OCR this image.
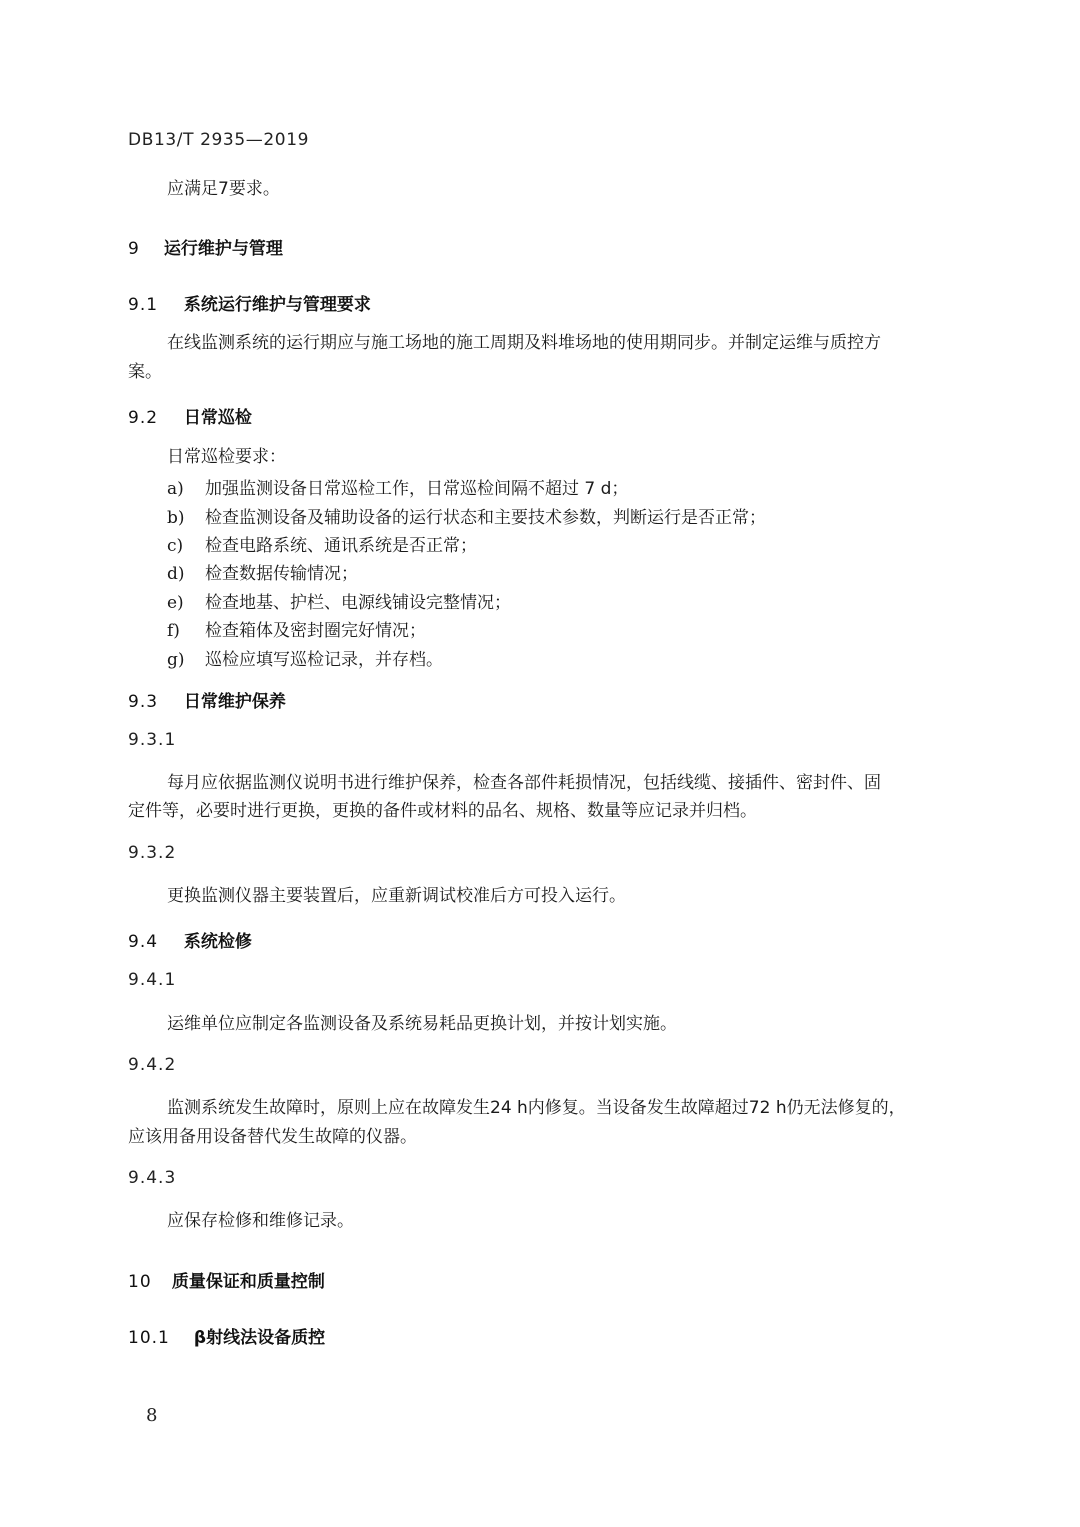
DB13/T 2935—2019
应满足7要求。
9 运行维护与管理
9.1 系统运行维护与管理要求
在线监测系统的运行期应与施工场地的施工周期及料堆场地的使用期同步。并制定运维与质控方
案。
9.2 日常巡检
日常巡检要求：
a) 加强监测设备日常巡检工作，日常巡检间隔不超过 7 d；
b) 检查监测设备及辅助设备的运行状态和主要技术参数，判断运行是否正常；
c) 检查电路系统、通讯系统是否正常；
d) 检查数据传输情况；
e) 检查地基、护栏、电源线铺设完整情况；
f) 检查箱体及密封圈完好情况；
g) 巡检应填写巡检记录，并存档。
9.3 日常维护保养
9.3.1
每月应依据监测仪说明书进行维护保养，检查各部件耗损情况，包括线缆、接插件、密封件、固
定件等，必要时进行更换，更换的备件或材料的品名、规格、数量等应记录并归档。
9.3.2
更换监测仪器主要装置后，应重新调试校准后方可投入运行。
9.4 系统检修
9.4.1
运维单位应制定各监测设备及系统易耗品更换计划，并按计划实施。
9.4.2
监测系统发生故障时，原则上应在故障发生24 h内修复。当设备发生故障超过72 h仍无法修复的，
应该用备用设备替代发生故障的仪器。
9.4.3
应保存检修和维修记录。
10 质量保证和质量控制
10.1 β射线法设备质控
8
